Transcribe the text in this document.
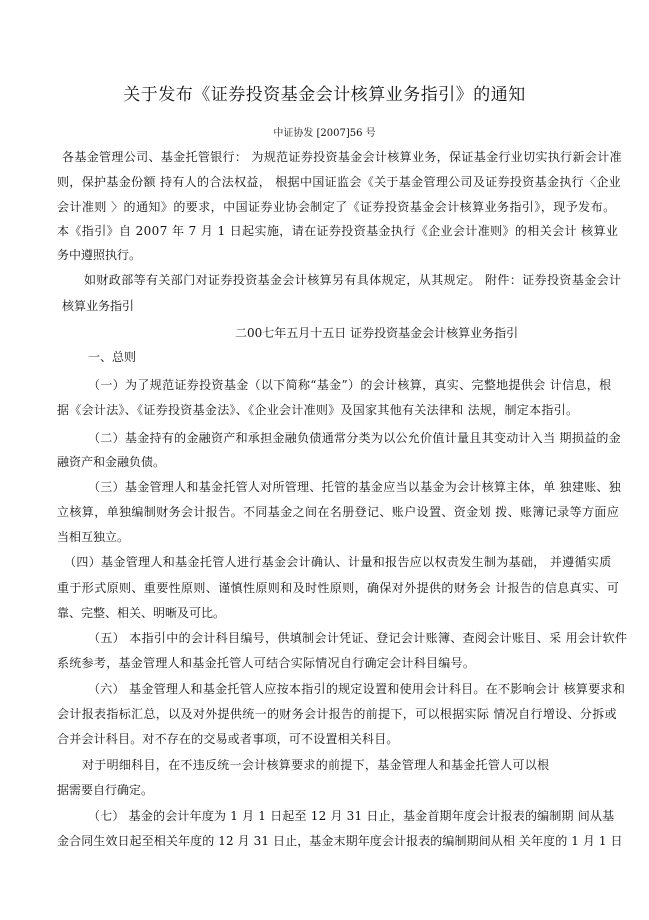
关于发布《证券投资基金会计核算业务指引》的通知
中证协发 [2007]56 号
各基金管理公司、基金托管银行： 为规范证券投资基金会计核算业务，保证基金行业切实执行新会计准
则，保护基金份额 持有人的合法权益， 根据中国证监会《关于基金管理公司及证券投资基金执行〈企业
会计准则 〉的通知》的要求，中国证券业协会制定了《证券投资基金会计核算业务指引》，现予发布。
本《指引》自 2007 年 7 月 1 日起实施，请在证券投资基金执行《企业会计准则》的相关会计 核算业
务中遵照执行。
如财政部等有关部门对证券投资基金会计核算另有具体规定，从其规定。 附件：证券投资基金会计
核算业务指引
二00七年五月十五日 证券投资基金会计核算业务指引
一、总则
（一）为了规范证券投资基金（以下简称“基金”）的会计核算，真实、完整地提供会 计信息，根
据《会计法》、《证券投资基金法》、《企业会计准则》及国家其他有关法律和 法规，制定本指引。
（二）基金持有的金融资产和承担金融负债通常分类为以公允价值计量且其变动计入当 期损益的金
融资产和金融负债。
（三）基金管理人和基金托管人对所管理、托管的基金应当以基金为会计核算主体，单 独建账、独
立核算，单独编制财务会计报告。不同基金之间在名册登记、账户设置、资金划 拨、账簿记录等方面应
当相互独立。
（四）基金管理人和基金托管人进行基金会计确认、计量和报告应以权责发生制为基础， 并遵循实质
重于形式原则、重要性原则、谨慎性原则和及时性原则，确保对外提供的财务会 计报告的信息真实、可
靠、完整、相关、明晰及可比。
（五） 本指引中的会计科目编号，供填制会计凭证、登记会计账簿、查阅会计账目、采 用会计软件
系统参考，基金管理人和基金托管人可结合实际情况自行确定会计科目编号。
（六） 基金管理人和基金托管人应按本指引的规定设置和使用会计科目。在不影响会计 核算要求和
会计报表指标汇总，以及对外提供统一的财务会计报告的前提下，可以根据实际 情况自行增设、分拆或
合并会计科目。对不存在的交易或者事项，可不设置相关科目。
对于明细科目，在不违反统一会计核算要求的前提下，基金管理人和基金托管人可以根
据需要自行确定。
（七） 基金的会计年度为 1 月 1 日起至 12 月 31 日止，基金首期年度会计报表的编制期 间从基
金合同生效日起至相关年度的 12 月 31 日止，基金末期年度会计报表的编制期间从相 关年度的 1 月 1 日
